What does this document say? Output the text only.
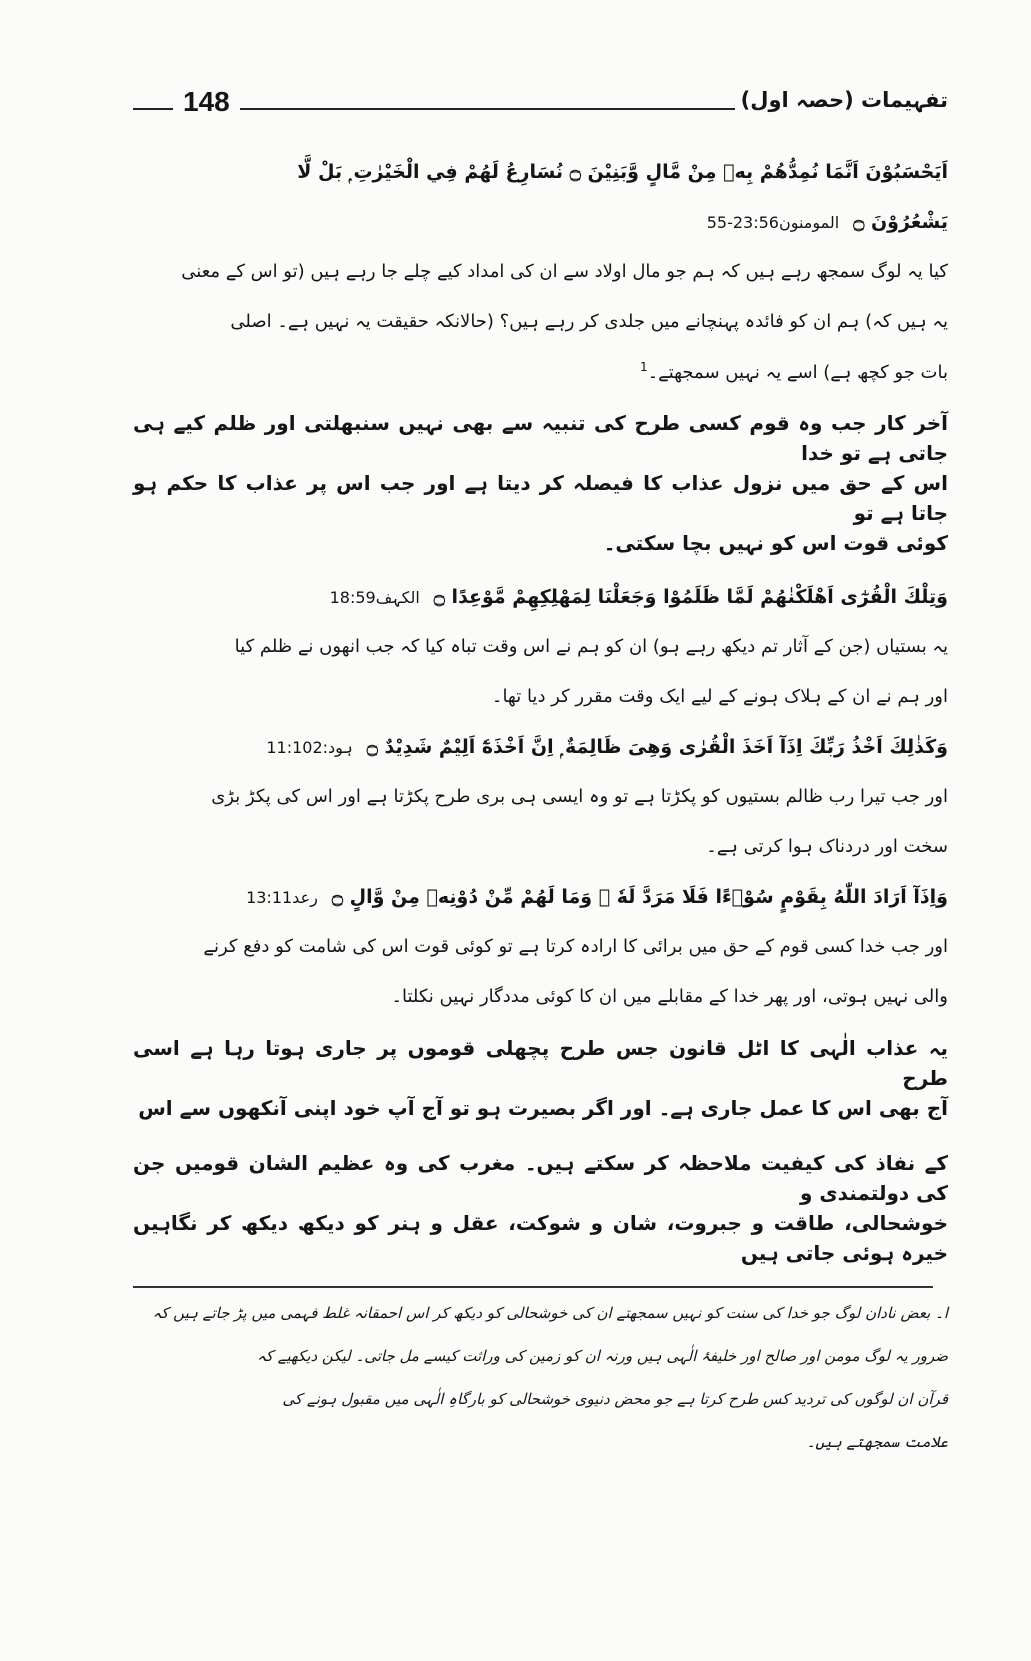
148	تفہیمات (حصہ اول)
اَيَحْسَبُوْنَ اَنَّمَا نُمِدُّهُمْ بِهٖ مِنْ مَّالٍ وَّبَنِيْنَ ۝ نُسَارِعُ لَهُمْ فِي الْخَيْرٰتِ ۭ بَلْ لَّا
يَشْعُرُوْنَ ۝المومنون23:56-55
کیا یہ لوگ سمجھ رہے ہیں کہ ہم جو مال اولاد سے ان کی امداد کیے چلے جا رہے ہیں (تو اس کے معنی
یہ ہیں کہ) ہم ان کو فائدہ پہنچانے میں جلدی کر رہے ہیں؟ (حالانکہ حقیقت یہ نہیں ہے۔ اصلی
بات جو کچھ ہے) اسے یہ نہیں سمجھتے۔$^1$
آخر کار جب وہ قوم کسی طرح کی تنبیہ سے بھی نہیں سنبھلتی اور ظلم کیے ہی جاتی ہے تو خدا
اس کے حق میں نزول عذاب کا فیصلہ کر دیتا ہے اور جب اس پر عذاب کا حکم ہو جاتا ہے تو
کوئی قوت اس کو نہیں بچا سکتی۔
وَتِلْكَ الْقُرٰٓى اَهْلَكْنٰهُمْ لَمَّا ظَلَمُوْا وَجَعَلْنَا لِمَهْلِكِهِمْ مَّوْعِدًا ۝الکہف18:59
یہ بستیاں (جن کے آثار تم دیکھ رہے ہو) ان کو ہم نے اس وقت تباہ کیا کہ جب انھوں نے ظلم کیا
اور ہم نے ان کے ہلاک ہونے کے لیے ایک وقت مقرر کر دیا تھا۔
وَكَذٰلِكَ اَخْذُ رَبِّكَ اِذَآ اَخَذَ الْقُرٰى وَهِىَ ظَالِمَةٌ ۭ اِنَّ اَخْذَهٗٓ اَلِيْمٌ شَدِيْدٌ ۝ہود:11:102
اور جب تیرا رب ظالم بستیوں کو پکڑتا ہے تو وہ ایسی ہی بری طرح پکڑتا ہے اور اس کی پکڑ بڑی
سخت اور دردناک ہوا کرتی ہے۔
وَاِذَآ اَرَادَ اللّٰهُ بِقَوْمٍ سُوْۗءًا فَلَا مَرَدَّ لَهٗ ۚ وَمَا لَهُمْ مِّنْ دُوْنِهٖ مِنْ وَّالٍ ۝رعد13:11
اور جب خدا کسی قوم کے حق میں برائی کا ارادہ کرتا ہے تو کوئی قوت اس کی شامت کو دفع کرنے
والی نہیں ہوتی، اور پھر خدا کے مقابلے میں ان کا کوئی مددگار نہیں نکلتا۔
یہ عذاب الٰہی کا اٹل قانون جس طرح پچھلی قوموں پر جاری ہوتا رہا ہے اسی طرح
آج بھی اس کا عمل جاری ہے۔ اور اگر بصیرت ہو تو آج آپ خود اپنی آنکھوں سے اس
کے نفاذ کی کیفیت ملاحظہ کر سکتے ہیں۔ مغرب کی وہ عظیم الشان قومیں جن کی دولتمندی و
خوشحالی، طاقت و جبروت، شان و شوکت، عقل و ہنر کو دیکھ دیکھ کر نگاہیں خیرہ ہوئی جاتی ہیں
ا۔ بعض نادان لوگ جو خدا کی سنت کو نہیں سمجھتے ان کی خوشحالی کو دیکھ کر اس احمقانہ غلط فہمی میں پڑ جاتے ہیں کہ
ضرور یہ لوگ مومن اور صالح اور خلیفۂ الٰہی ہیں ورنہ ان کو زمین کی وراثت کیسے مل جاتی۔ لیکن دیکھیے کہ
قرآن ان لوگوں کی تردید کس طرح کرتا ہے جو محض دنیوی خوشحالی کو بارگاہِ الٰہی میں مقبول ہونے کی
علامت سمجھتے ہیں۔
